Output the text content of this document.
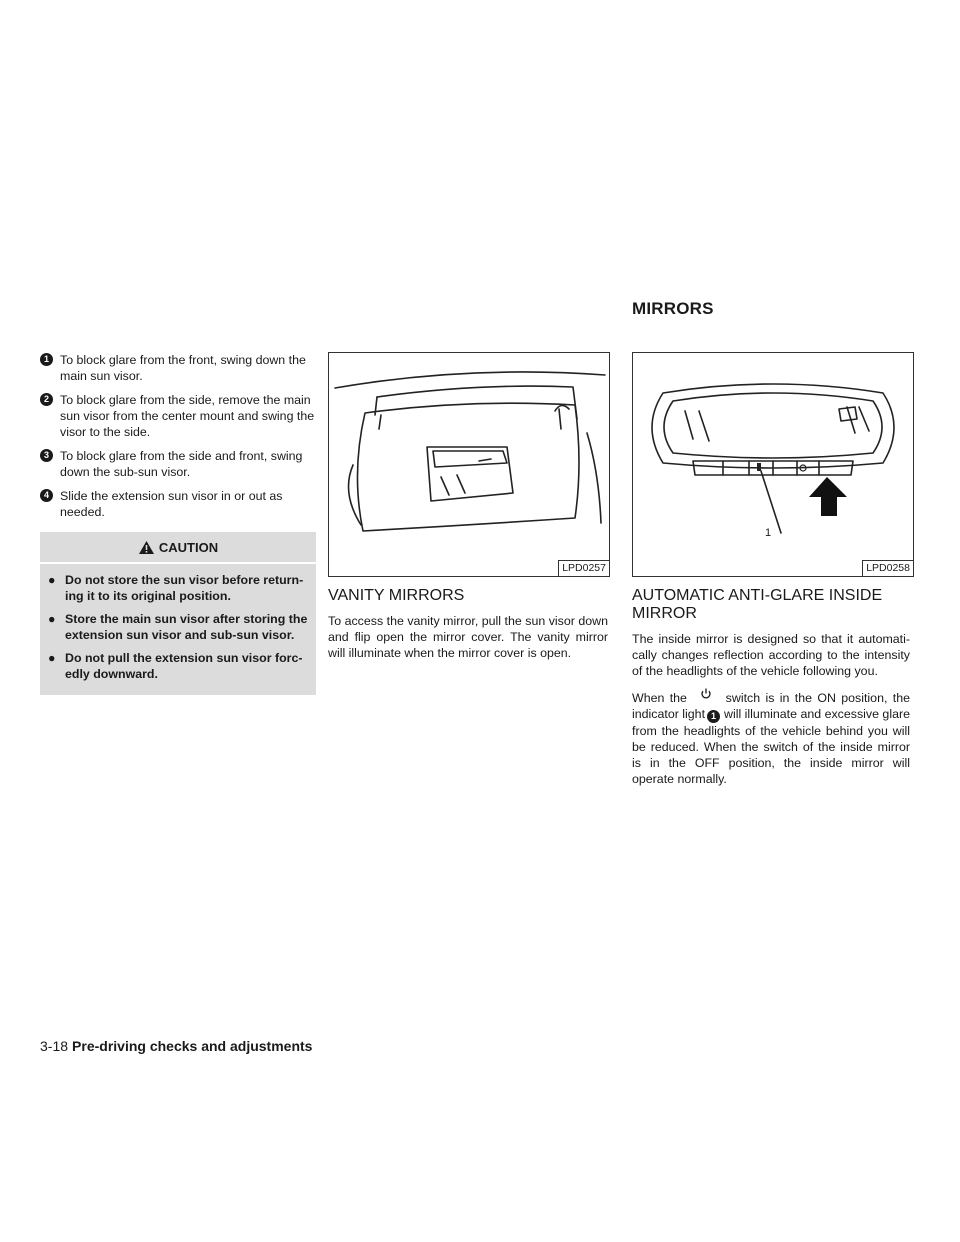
MIRRORS
1 To block glare from the front, swing down the main sun visor.
2 To block glare from the side, remove the main sun visor from the center mount and swing the visor to the side.
3 To block glare from the side and front, swing down the sub-sun visor.
4 Slide the extension sun visor in or out as needed.
CAUTION
● Do not store the sun visor before return-ing it to its original position.
● Store the main sun visor after storing the extension sun visor and sub-sun visor.
● Do not pull the extension sun visor forc-edly downward.
LPD0257
VANITY MIRRORS

To access the vanity mirror, pull the sun visor down and flip open the mirror cover. The vanity mirror will illuminate when the mirror cover is open.

1
LPD0258
AUTOMATIC ANTI-GLARE INSIDE MIRROR

The inside mirror is designed so that it automati-cally changes reflection according to the intensity of the headlights of the vehicle following you.

When the	switch is in the ON position, the indicator light 1 will illuminate and excessive glare from the headlights of the vehicle behind you will be reduced. When the switch of the inside mirror is in the OFF position, the inside mirror will operate normally.

3-18 Pre-driving checks and adjustments
